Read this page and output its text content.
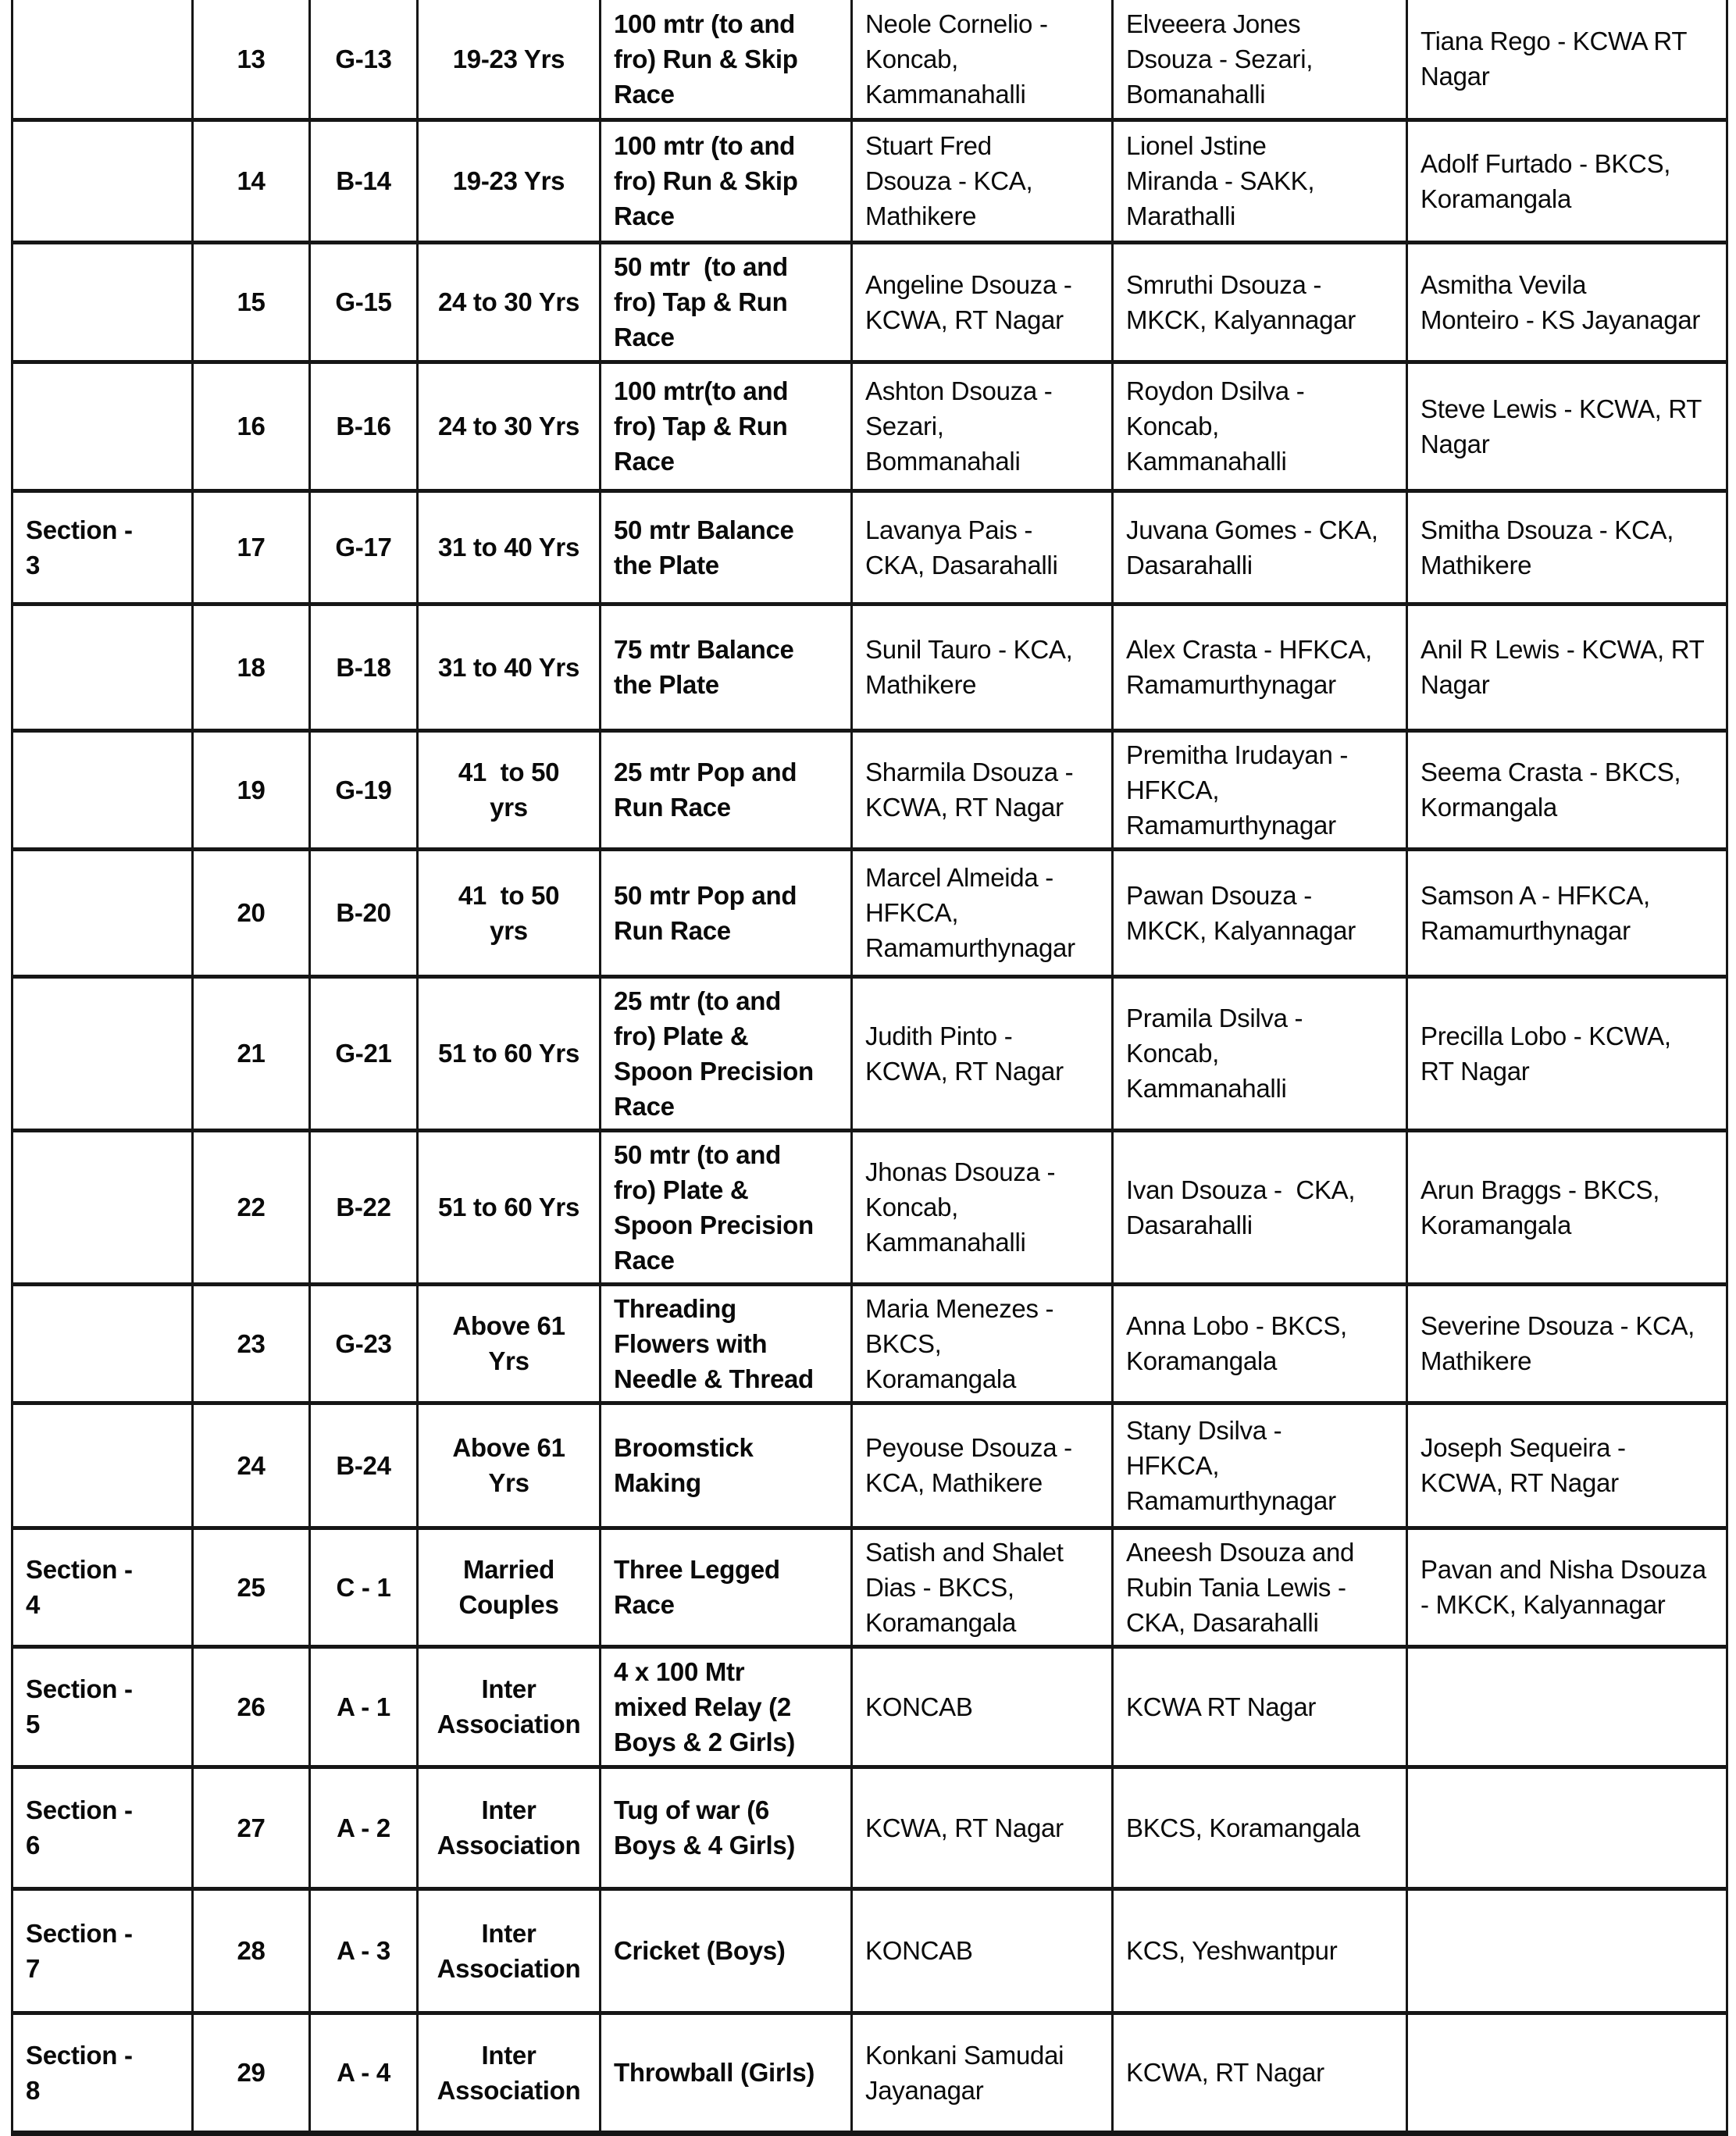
	13	G-13	19-23 Yrs	100 mtr (to and
fro) Run & Skip
Race	Neole Cornelio -
Koncab,
Kammanahalli	Elveeera Jones
Dsouza - Sezari,
Bomanahalli	Tiana Rego - KCWA RT
Nagar
	14	B-14	19-23 Yrs	100 mtr (to and
fro) Run & Skip
Race	Stuart Fred
Dsouza - KCA,
Mathikere	Lionel Jstine
Miranda - SAKK,
Marathalli	Adolf Furtado - BKCS,
Koramangala
	15	G-15	24 to 30 Yrs	50 mtr  (to and
fro) Tap & Run
Race	Angeline Dsouza -
KCWA, RT Nagar	Smruthi Dsouza -
MKCK, Kalyannagar	Asmitha Vevila
Monteiro - KS Jayanagar
	16	B-16	24 to 30 Yrs	100 mtr(to and
fro) Tap & Run
Race	Ashton Dsouza -
Sezari,
Bommanahali	Roydon Dsilva -
Koncab,
Kammanahalli	Steve Lewis - KCWA, RT
Nagar
Section -
3	17	G-17	31 to 40 Yrs	50 mtr Balance
the Plate	Lavanya Pais -
CKA, Dasarahalli	Juvana Gomes - CKA,
Dasarahalli	Smitha Dsouza - KCA,
Mathikere
	18	B-18	31 to 40 Yrs	75 mtr Balance
the Plate	Sunil Tauro - KCA,
Mathikere	Alex Crasta - HFKCA,
Ramamurthynagar	Anil R Lewis - KCWA, RT
Nagar
	19	G-19	41  to 50
yrs	25 mtr Pop and
Run Race	Sharmila Dsouza -
KCWA, RT Nagar	Premitha Irudayan -
HFKCA,
Ramamurthynagar	Seema Crasta - BKCS,
Kormangala
	20	B-20	41  to 50
yrs	50 mtr Pop and
Run Race	Marcel Almeida -
HFKCA,
Ramamurthynagar	Pawan Dsouza -
MKCK, Kalyannagar	Samson A - HFKCA,
Ramamurthynagar
	21	G-21	51 to 60 Yrs	25 mtr (to and
fro) Plate &
Spoon Precision
Race	Judith Pinto -
KCWA, RT Nagar	Pramila Dsilva -
Koncab,
Kammanahalli	Precilla Lobo - KCWA,
RT Nagar
	22	B-22	51 to 60 Yrs	50 mtr (to and
fro) Plate &
Spoon Precision
Race	Jhonas Dsouza -
Koncab,
Kammanahalli	Ivan Dsouza -  CKA,
Dasarahalli	Arun Braggs - BKCS,
Koramangala
	23	G-23	Above 61
Yrs	Threading
Flowers with
Needle & Thread	Maria Menezes -
BKCS,
Koramangala	Anna Lobo - BKCS,
Koramangala	Severine Dsouza - KCA,
Mathikere
	24	B-24	Above 61
Yrs	Broomstick
Making	Peyouse Dsouza -
KCA, Mathikere	Stany Dsilva -
HFKCA,
Ramamurthynagar	Joseph Sequeira -
KCWA, RT Nagar
Section -
4	25	C - 1	Married
Couples	Three Legged
Race	Satish and Shalet
Dias - BKCS,
Koramangala	Aneesh Dsouza and
Rubin Tania Lewis -
CKA, Dasarahalli	Pavan and Nisha Dsouza
- MKCK, Kalyannagar
Section -
5	26	A - 1	Inter
Association	4 x 100 Mtr
mixed Relay (2
Boys & 2 Girls)	KONCAB	KCWA RT Nagar	
Section -
6	27	A - 2	Inter
Association	Tug of war (6
Boys & 4 Girls)	KCWA, RT Nagar	BKCS, Koramangala	
Section -
7	28	A - 3	Inter
Association	Cricket (Boys)	KONCAB	KCS, Yeshwantpur	
Section -
8	29	A - 4	Inter
Association	Throwball (Girls)	Konkani Samudai
Jayanagar	KCWA, RT Nagar	
